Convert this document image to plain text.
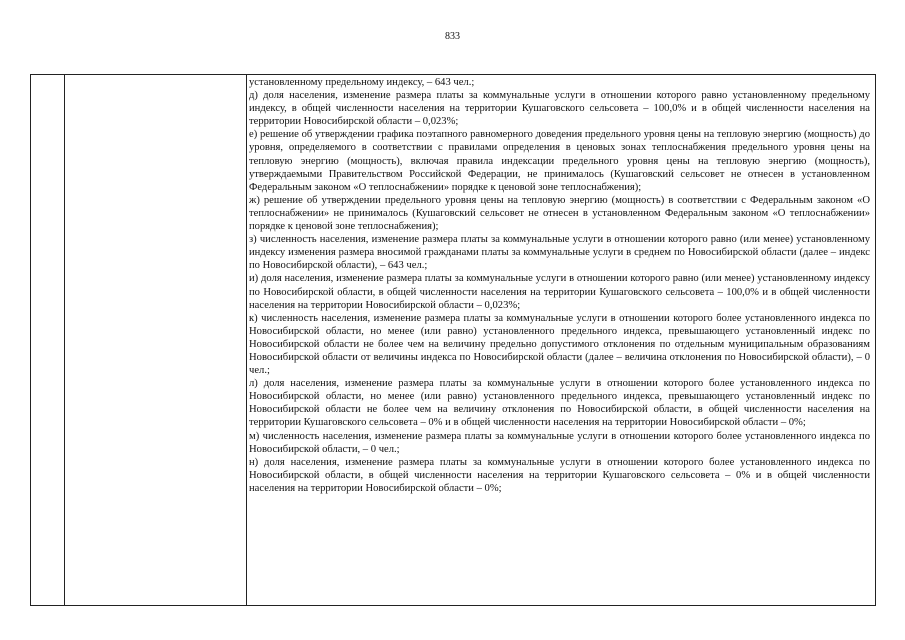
833

установленному предельному индексу, – 643 чел.;

д) доля населения, изменение размера платы за коммунальные услуги в отношении которого равно установленному предельному индексу, в общей численности населения на территории Кушаговского сельсовета – 100,0% и в общей численности населения на территории Новосибирской области – 0,023%;

е) решение об утверждении графика поэтапного равномерного доведения предельного уровня цены на тепловую энергию (мощность) до уровня, определяемого в соответствии с правилами определения в ценовых зонах теплоснабжения предельного уровня цены на тепловую энергию (мощность), включая правила индексации предельного уровня цены на тепловую энергию (мощность), утверждаемыми Правительством Российской Федерации, не принималось (Кушаговский сельсовет не отнесен в установленном Федеральным законом «О теплоснабжении» порядке к ценовой зоне теплоснабжения);

ж) решение об утверждении предельного уровня цены на тепловую энергию (мощность) в соответствии с Федеральным законом «О теплоснабжении» не принималось (Кушаговский сельсовет не отнесен в установленном Федеральным законом «О теплоснабжении» порядке к ценовой зоне теплоснабжения);

з) численность населения, изменение размера платы за коммунальные услуги в отношении которого равно (или менее) установленному индексу изменения размера вносимой гражданами платы за коммунальные услуги в среднем по Новосибирской области (далее – индекс по Новосибирской области), – 643 чел.;

и) доля населения, изменение размера платы за коммунальные услуги в отношении которого равно (или менее) установленному индексу по Новосибирской области, в общей численности населения на территории Кушаговского сельсовета – 100,0% и в общей численности населения на территории Новосибирской области – 0,023%;

к) численность населения, изменение размера платы за коммунальные услуги в отношении которого более установленного индекса по Новосибирской области, но менее (или равно) установленного предельного индекса, превышающего установленный индекс по Новосибирской области не более чем на величину предельно допустимого отклонения по отдельным муниципальным образованиям Новосибирской области от величины индекса по Новосибирской области (далее – величина отклонения по Новосибирской области), – 0 чел.;

л) доля населения, изменение размера платы за коммунальные услуги в отношении которого более установленного индекса по Новосибирской области, но менее (или равно) установленного предельного индекса, превышающего установленный индекс по Новосибирской области не более чем на величину отклонения по Новосибирской области, в общей численности населения на территории Кушаговского сельсовета – 0% и в общей численности населения на территории Новосибирской области – 0%;

м) численность населения, изменение размера платы за коммунальные услуги в отношении которого более установленного индекса по Новосибирской области, – 0 чел.;

н) доля населения, изменение размера платы за коммунальные услуги в отношении которого более установленного индекса по Новосибирской области, в общей численности населения на территории Кушаговского сельсовета – 0% и в общей численности населения на территории Новосибирской области – 0%;
